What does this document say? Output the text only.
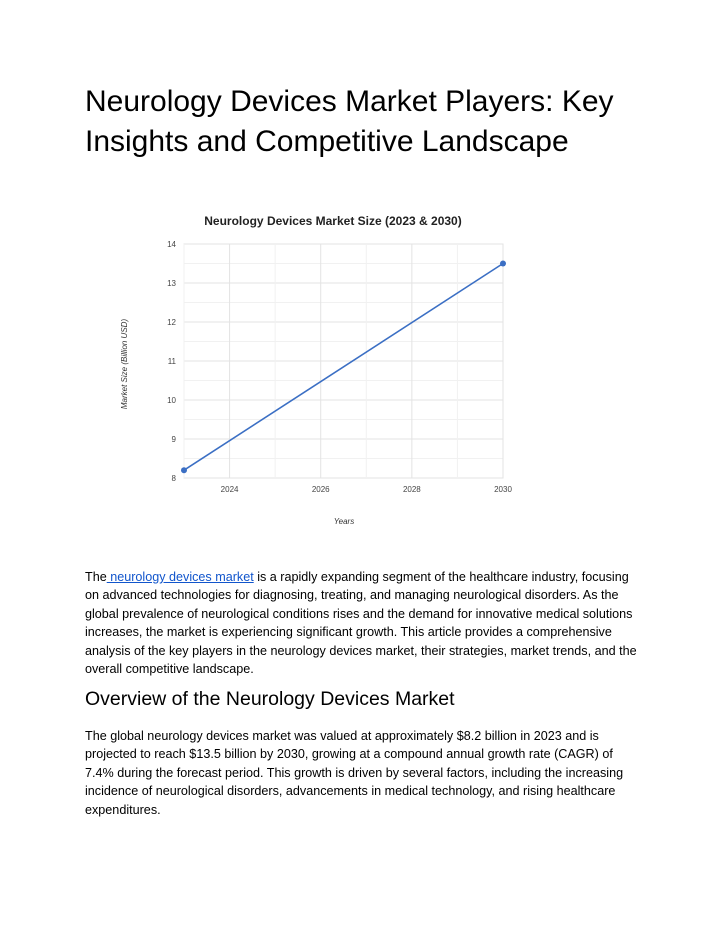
Neurology Devices Market Players: Key Insights and Competitive Landscape
Neurology Devices Market Size (2023 & 2030)
Market Size (Billion USD)
Years
8
9
10
11
12
13
14
2024	2026	2028	2030

The neurology devices market is a rapidly expanding segment of the healthcare industry, focusing on advanced technologies for diagnosing, treating, and managing neurological disorders. As the global prevalence of neurological conditions rises and the demand for innovative medical solutions increases, the market is experiencing significant growth. This article provides a comprehensive analysis of the key players in the neurology devices market, their strategies, market trends, and the overall competitive landscape.

Overview of the Neurology Devices Market

The global neurology devices market was valued at approximately $8.2 billion in 2023 and is projected to reach $13.5 billion by 2030, growing at a compound annual growth rate (CAGR) of 7.4% during the forecast period. This growth is driven by several factors, including the increasing incidence of neurological disorders, advancements in medical technology, and rising healthcare expenditures.
